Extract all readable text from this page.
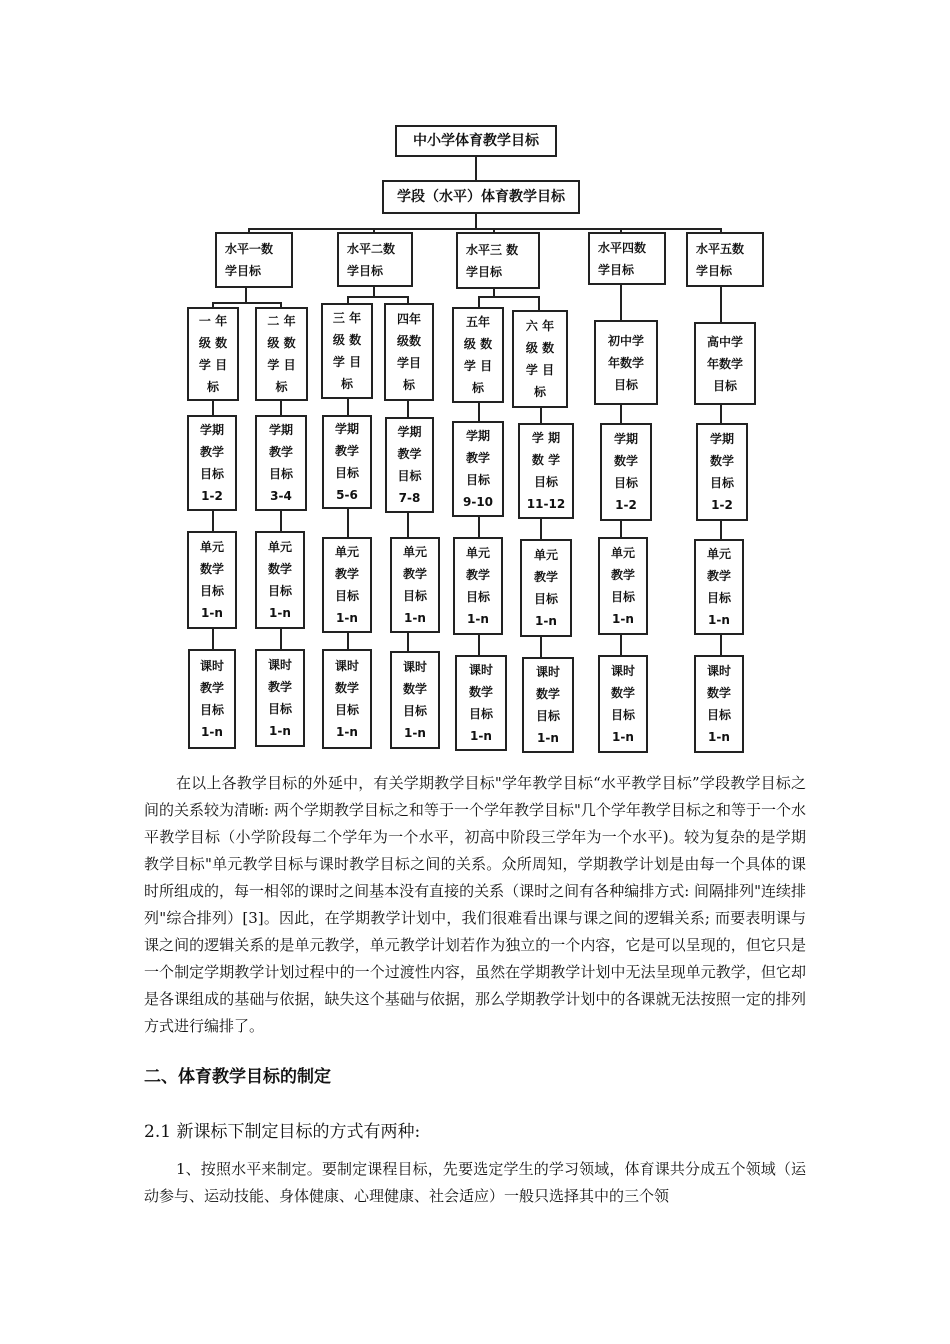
中小学体育教学目标
学段（水平）体育教学目标
水平一数
学目标
水平二数
学目标
水平三 数
学目标
水平四数
学目标
水平五数
学目标
一 年
级 数
学 目
标
二 年
级 数
学 目
标
三 年
级 数
学 目
标
四年
级数
学目
标
五年
级 数
学 目
标
六 年
级 数
学 目
标
初中学
年数学
目标
高中学
年数学
目标
学期
教学
目标
1-2
学期
教学
目标
3-4
学期
教学
目标
5-6
学期
教学
目标
7-8
学期
教学
目标
9-10
学 期
数 学
目标
11-12
学期
数学
目标
1-2
学期
数学
目标
1-2
单元
数学
目标
1-n
单元
数学
目标
1-n
单元
教学
目标
1-n
单元
教学
目标
1-n
单元
教学
目标
1-n
单元
教学
目标
1-n
单元
教学
目标
1-n
单元
教学
目标
1-n
课时
教学
目标
1-n
课时
教学
目标
1-n
课时
数学
目标
1-n
课时
数学
目标
1-n
课时
数学
目标
1-n
课时
数学
目标
1-n
课时
数学
目标
1-n
课时
数学
目标
1-n

在以上各教学目标的外延中，有关学期教学目标"学年教学目标“水平教学目标”学段教学目标之间的关系较为清晰: 两个学期教学目标之和等于一个学年教学目标"几个学年教学目标之和等于一个水平教学目标（小学阶段每二个学年为一个水平，初高中阶段三学年为一个水平)。较为复杂的是学期教学目标"单元教学目标与课时教学目标之间的关系。众所周知，学期教学计划是由每一个具体的课时所组成的，每一相邻的课时之间基本没有直接的关系（课时之间有各种编排方式: 间隔排列"连续排列"综合排列）[3]。因此，在学期教学计划中，我们很难看出课与课之间的逻辑关系; 而要表明课与课之间的逻辑关系的是单元教学，单元教学计划若作为独立的一个内容，它是可以呈现的，但它只是一个制定学期教学计划过程中的一个过渡性内容，虽然在学期教学计划中无法呈现单元教学，但它却是各课组成的基础与依据，缺失这个基础与依据，那么学期教学计划中的各课就无法按照一定的排列方式进行编排了。

二、体育教学目标的制定
2.1 新课标下制定目标的方式有两种:

1、按照水平来制定。要制定课程目标，先要选定学生的学习领域，体育课共分成五个领域（运动参与、运动技能、身体健康、心理健康、社会适应）一般只选择其中的三个领
